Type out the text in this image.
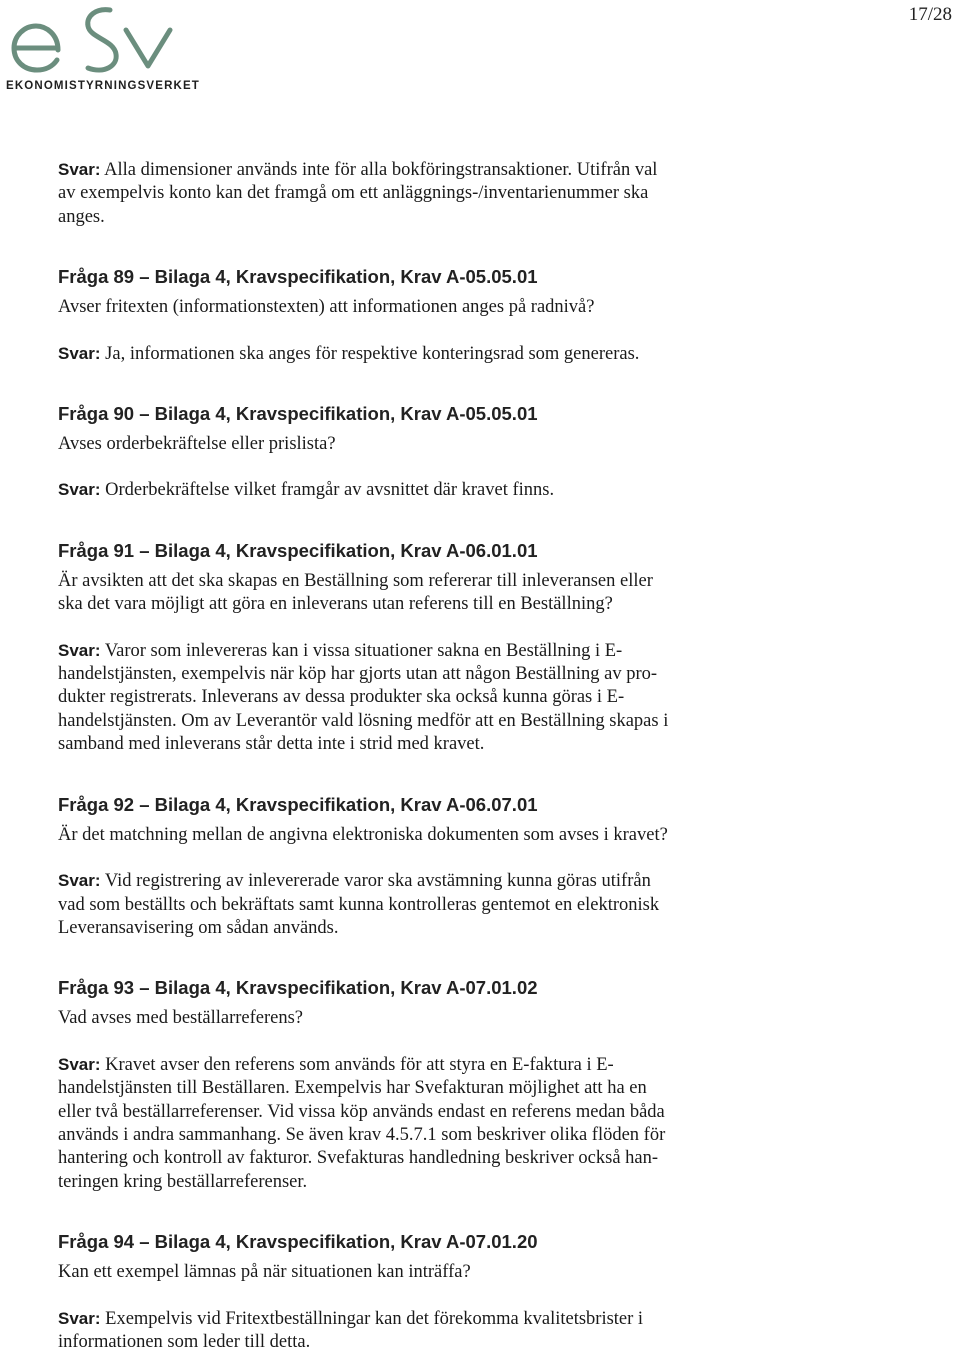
17/28
EKONOMISTYRNINGSVERKET

Svar: Alla dimensioner används inte för alla bokföringstransaktioner. Utifrån val

av exempelvis konto kan det framgå om ett anläggnings-/inventarienummer ska

anges.

Fråga 89 – Bilaga 4, Kravspecifikation, Krav A-05.05.01

Avser fritexten (informationstexten) att informationen anges på radnivå?

Svar: Ja, informationen ska anges för respektive konteringsrad som genereras.

Fråga 90 – Bilaga 4, Kravspecifikation, Krav A-05.05.01

Avses orderbekräftelse eller prislista?

Svar: Orderbekräftelse vilket framgår av avsnittet där kravet finns.

Fråga 91 – Bilaga 4, Kravspecifikation, Krav A-06.01.01

Är avsikten att det ska skapas en Beställning som refererar till inleveransen eller

ska det vara möjligt att göra en inleverans utan referens till en Beställning?

Svar: Varor som inlevereras kan i vissa situationer sakna en Beställning i E-

handelstjänsten, exempelvis när köp har gjorts utan att någon Beställning av pro-

dukter registrerats. Inleverans av dessa produkter ska också kunna göras i E-

handelstjänsten. Om av Leverantör vald lösning medför att en Beställning skapas i

samband med inleverans står detta inte i strid med kravet.

Fråga 92 – Bilaga 4, Kravspecifikation, Krav A-06.07.01

Är det matchning mellan de angivna elektroniska dokumenten som avses i kravet?

Svar: Vid registrering av inlevererade varor ska avstämning kunna göras utifrån

vad som beställts och bekräftats samt kunna kontrolleras gentemot en elektronisk

Leveransavisering om sådan används.

Fråga 93 – Bilaga 4, Kravspecifikation, Krav A-07.01.02

Vad avses med beställarreferens?

Svar: Kravet avser den referens som används för att styra en E-faktura i E-

handelstjänsten till Beställaren. Exempelvis har Svefakturan möjlighet att ha en

eller två beställarreferenser. Vid vissa köp används endast en referens medan båda

används i andra sammanhang. Se även krav 4.5.7.1 som beskriver olika flöden för

hantering och kontroll av fakturor. Svefakturas handledning beskriver också han-

teringen kring beställarreferenser.

Fråga 94 – Bilaga 4, Kravspecifikation, Krav A-07.01.20

Kan ett exempel lämnas på när situationen kan inträffa?

Svar: Exempelvis vid Fritextbeställningar kan det förekomma kvalitetsbrister i

informationen som leder till detta.
